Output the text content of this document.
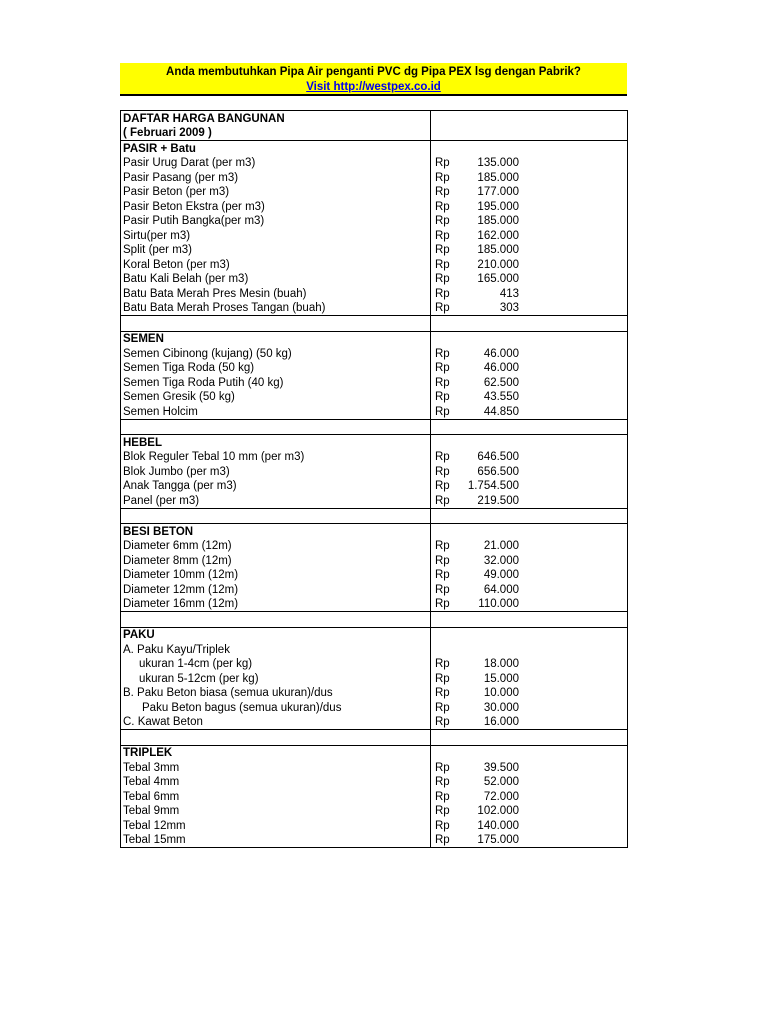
Anda membutuhkan Pipa Air penganti PVC dg Pipa PEX lsg dengan Pabrik?
Visit http://westpex.co.id
DAFTAR HARGA BANGUNAN			
( Februari 2009 )			
PASIR + Batu			
Pasir Urug Darat (per m3)	Rp	135.000	
Pasir Pasang (per m3)	Rp	185.000	
Pasir Beton (per m3)	Rp	177.000	
Pasir Beton Ekstra (per m3)	Rp	195.000	
Pasir Putih Bangka(per m3)	Rp	185.000	
Sirtu(per m3)	Rp	162.000	
Split (per m3)	Rp	185.000	
Koral Beton (per m3)	Rp	210.000	
Batu Kali Belah (per m3)	Rp	165.000	
Batu Bata Merah Pres Mesin (buah)	Rp	413	
Batu Bata Merah Proses Tangan (buah)	Rp	303	

SEMEN			
Semen Cibinong (kujang) (50 kg)	Rp	46.000	
Semen Tiga Roda (50 kg)	Rp	46.000	
Semen Tiga Roda Putih (40 kg)	Rp	62.500	
Semen Gresik (50 kg)	Rp	43.550	
Semen Holcim	Rp	44.850	

HEBEL			
Blok Reguler Tebal 10 mm (per m3)	Rp	646.500	
Blok Jumbo (per m3)	Rp	656.500	
Anak Tangga (per m3)	Rp	1.754.500	
Panel (per m3)	Rp	219.500	

BESI BETON			
Diameter 6mm (12m)	Rp	21.000	
Diameter 8mm (12m)	Rp	32.000	
Diameter 10mm (12m)	Rp	49.000	
Diameter 12mm (12m)	Rp	64.000	
Diameter 16mm (12m)	Rp	110.000	

PAKU			
A. Paku Kayu/Triplek			
ukuran 1-4cm (per kg)	Rp	18.000	
ukuran 5-12cm (per kg)	Rp	15.000	
B. Paku Beton biasa (semua ukuran)/dus	Rp	10.000	
Paku Beton bagus (semua ukuran)/dus	Rp	30.000	
C. Kawat Beton	Rp	16.000	

TRIPLEK			
Tebal 3mm	Rp	39.500	
Tebal 4mm	Rp	52.000	
Tebal 6mm	Rp	72.000	
Tebal 9mm	Rp	102.000	
Tebal 12mm	Rp	140.000	
Tebal 15mm	Rp	175.000	
